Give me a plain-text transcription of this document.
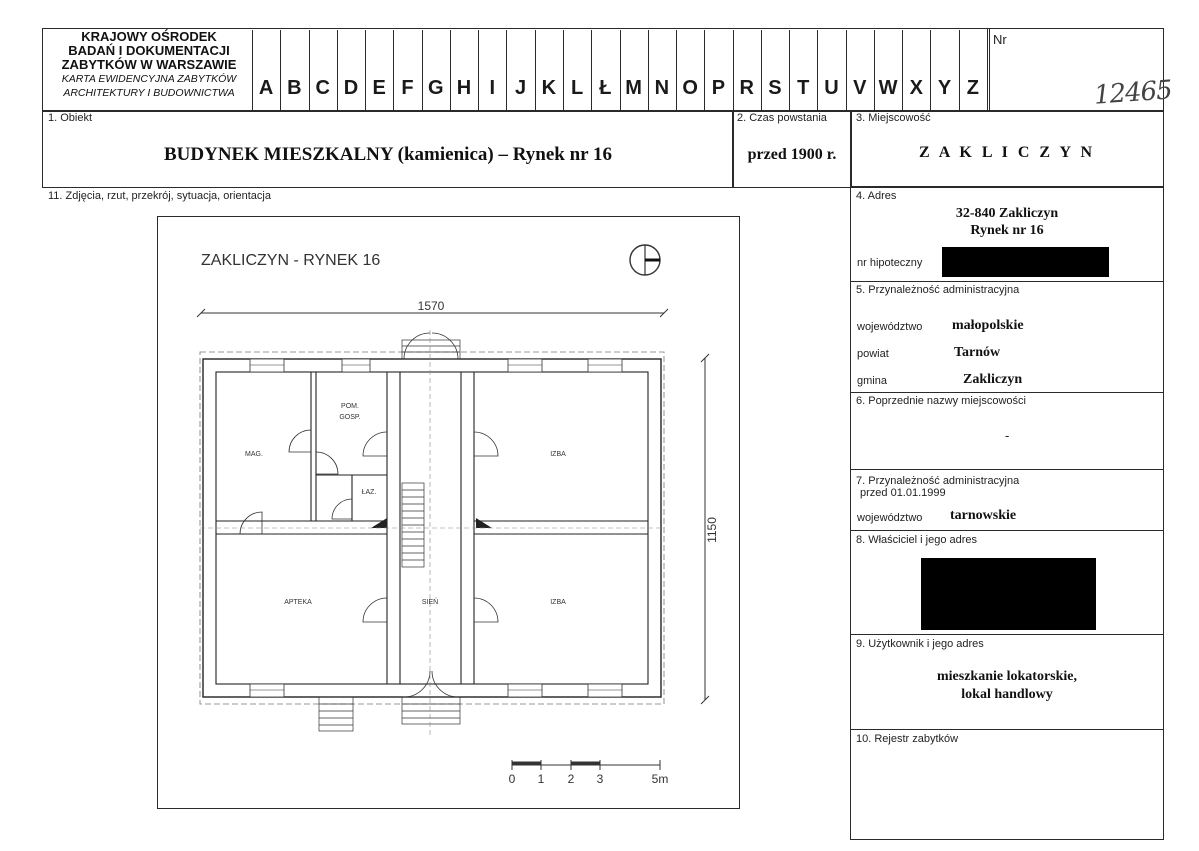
KRAJOWY OŚRODEK
BADAŃ I DOKUMENTACJI
ZABYTKÓW W WARSZAWIE
KARTA EWIDENCYJNA ZABYTKÓW
ARCHITEKTURY I BUDOWNICTWA	A B C D E F G H I J K L Ł M N O P R S T U V W X Y Z
Nr
12465
1. Obiekt
BUDYNEK MIESZKALNY (kamienica) – Rynek nr 16
2. Czas powstania
przed 1900 r.
3. Miejscowość
Z A K L I C Z Y N
11. Zdjęcia, rzut, przekrój, sytuacja, orientacja	4. Adres
32-840 Zakliczyn
Rynek nr 16
nr hipoteczny
5. Przynależność administracyjna
województwo małopolskie
powiat	Tarnów
gmina	Zakliczyn
6. Poprzednie nazwy miejscowości
-
7. Przynależność administracyjna
przed 01.01.1999
województwo tarnowskie
8. Właściciel i jego adres
9. Użytkownik i jego adres
mieszkanie lokatorskie,
lokal handlowy
10. Rejestr zabytków
ZAKLICZYN - RYNEK 16
1570
1150
MAG.
POM.
GOSP.
ŁAZ.
IZBA
APTEKA	SIEŃ	IZBA
0 1 2 3	5m
